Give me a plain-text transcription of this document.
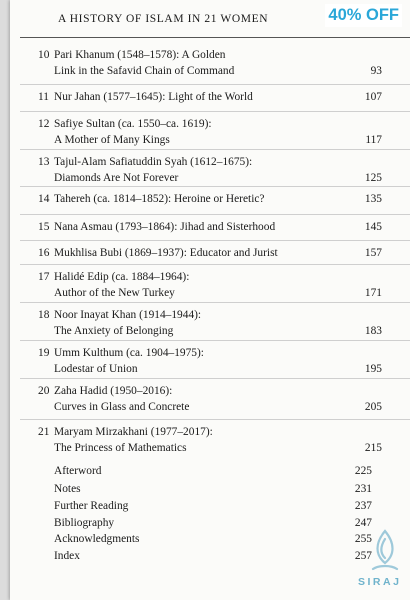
A HISTORY OF ISLAM IN 21 WOMEN	40% OFF
10 Pari Khanum (1548–1578): A Golden
Link in the Safavid Chain of Command	93
11 Nur Jahan (1577–1645): Light of the World	107
12 Safiye Sultan (ca. 1550–ca. 1619):
A Mother of Many Kings	117
13 Tajul-Alam Safiatuddin Syah (1612–1675):
Diamonds Are Not Forever	125
14 Tahereh (ca. 1814–1852): Heroine or Heretic?	135
15 Nana Asmau (1793–1864): Jihad and Sisterhood	145
16 Mukhlisa Bubi (1869–1937): Educator and Jurist	157
17 Halidé Edip (ca. 1884–1964):
Author of the New Turkey	171
18 Noor Inayat Khan (1914–1944):
The Anxiety of Belonging	183
19 Umm Kulthum (ca. 1904–1975):
Lodestar of Union	195
20 Zaha Hadid (1950–2016):
Curves in Glass and Concrete	205
21 Maryam Mirzakhani (1977–2017):
The Princess of Mathematics	215
Afterword	225
Notes	231
Further Reading	237
Bibliography	247
Acknowledgments	255
Index	257
SIRAJ
